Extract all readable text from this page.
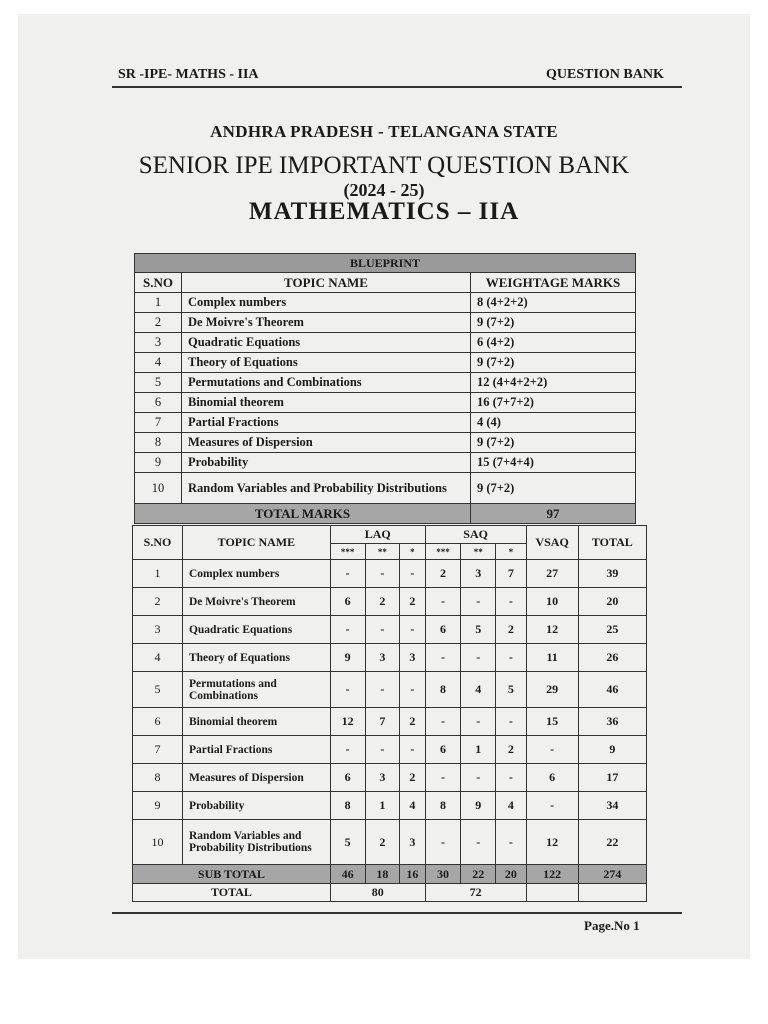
SR -IPE- MATHS - IIA	QUESTION BANK
ANDHRA PRADESH - TELANGANA STATE
SENIOR IPE IMPORTANT QUESTION BANK
(2024 - 25)
MATHEMATICS – IIA
BLUEPRINT		
S.NO	TOPIC NAME	WEIGHTAGE MARKS
1	Complex numbers	8 (4+2+2)
2	De Moivre's Theorem	9 (7+2)
3	Quadratic Equations	6 (4+2)
4	Theory of Equations	9 (7+2)
5	Permutations and Combinations	12 (4+4+2+2)
6	Binomial theorem	16 (7+7+2)
7	Partial Fractions	4 (4)
8	Measures of Dispersion	9 (7+2)
9	Probability	15 (7+4+4)
10	Random Variables and Probability Distributions	9 (7+2)
TOTAL MARKS		97
S.NO	TOPIC NAME	LAQ			SAQ			VSAQ	TOTAL
		***	**	*	***	**	*		
1	Complex numbers	-	-	-	2	3	7	27	39
2	De Moivre's Theorem	6	2	2	-	-	-	10	20
3	Quadratic Equations	-	-	-	6	5	2	12	25
4	Theory of Equations	9	3	3	-	-	-	11	26
5	Permutations and Combinations	-	-	-	8	4	5	29	46
6	Binomial theorem	12	7	2	-	-	-	15	36
7	Partial Fractions	-	-	-	6	1	2	-	9
8	Measures of Dispersion	6	3	2	-	-	-	6	17
9	Probability	8	1	4	8	9	4	-	34
10	Random Variables and Probability Distributions	5	2	3	-	-	-	12	22
SUB TOTAL		46	18	16	30	22	20	122	274
TOTAL		80			72				
Page.No 1
